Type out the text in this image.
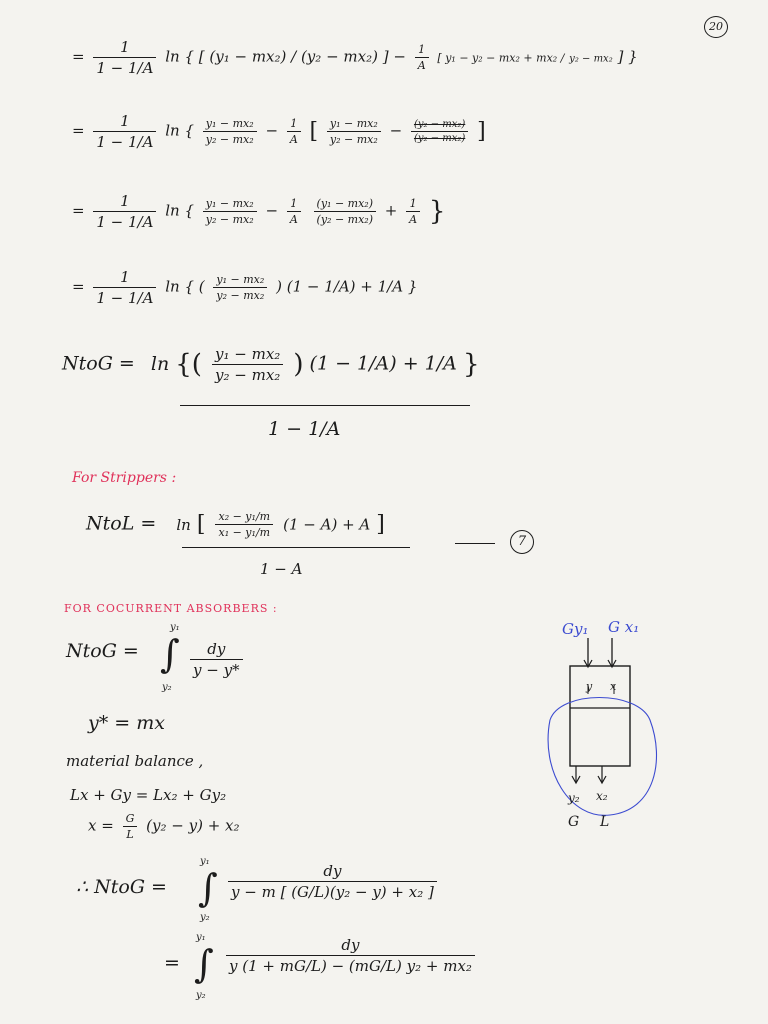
20
= $\frac{1}{1 - 1/A}$ ln { [ (y₁ − mx₂) / (y₂ − mx₂) ] − $\frac{1}{A}$ [ y₁ − y₂ − mx₂ + mx₂ / y₂ − mx₂ ] }
= $\frac{1}{1 - 1/A}$ ln { $\frac{\text{y₁ − mx₂}}{\text{y₂ − mx₂}} - \frac{1}{A}$ [ $\frac{\text{y₁ − mx₂}}{\text{y₂ − mx₂}} - \frac{\text{(y₂ − mx₂)}}{\text{(y₂ − mx₂)}}$ ]
= $\frac{1}{1 - 1/A}$ ln { $\frac{\text{y₁ − mx₂}}{\text{y₂ − mx₂}} - \frac{1}{A}$
$\frac{\text{(y₁ − mx₂)}}{\text{(y₂ − mx₂)}} + \frac{1}{A}$ }
= $\frac{1}{1 - 1/A}$ ln { ( $\frac{\text{y₁ − mx₂}}{\text{y₂ − mx₂}}$ ) (1 − 1/A) + 1/A }
NtoG = ln {( $\frac{\text{y₁ − mx₂}}{\text{y₂ − mx₂}}$ ) (1 − 1/A) + 1/A }
1 − 1/A
For Strippers :
NtoL = ln [ $\frac{\text{x₂ − y₁/m}}{\text{x₁ − y₁/m}} (1 - A) + A$ ]
1 − A
7
FOR COCURRENT ABSORBERS :
NtoG =
y₁
∫
y₂
$\frac{dy}{y - y*}$
y* = mx
material balance ,
Lx + Gy = Lx₂ + Gy₂
$x = \frac{G}{L} (y_2 - y) + x_2$
∴ NtoG =
y₁
∫
y₂
$\frac{dy}{\text{y − m [ (G/L)(y₂ − y) + x₂ ]}}$
=
y₁
∫
y₂
$\frac{dy}{\text{y (1 + mG/L) − (mG/L) y₂ + mx₂}}$
Gy₁ G x₁
y x
y₂ x₂
G L
